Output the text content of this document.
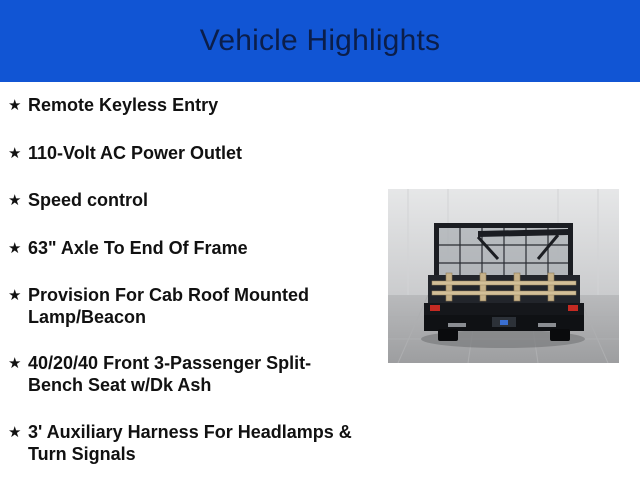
Vehicle Highlights
★ Remote Keyless Entry
★ 110-Volt AC Power Outlet
★ Speed control
★ 63" Axle To End Of Frame
★ Provision For Cab Roof Mounted Lamp/Beacon
★ 40/20/40 Front 3-Passenger Split-Bench Seat w/Dk Ash
★ 3' Auxiliary Harness For Headlamps & Turn Signals
